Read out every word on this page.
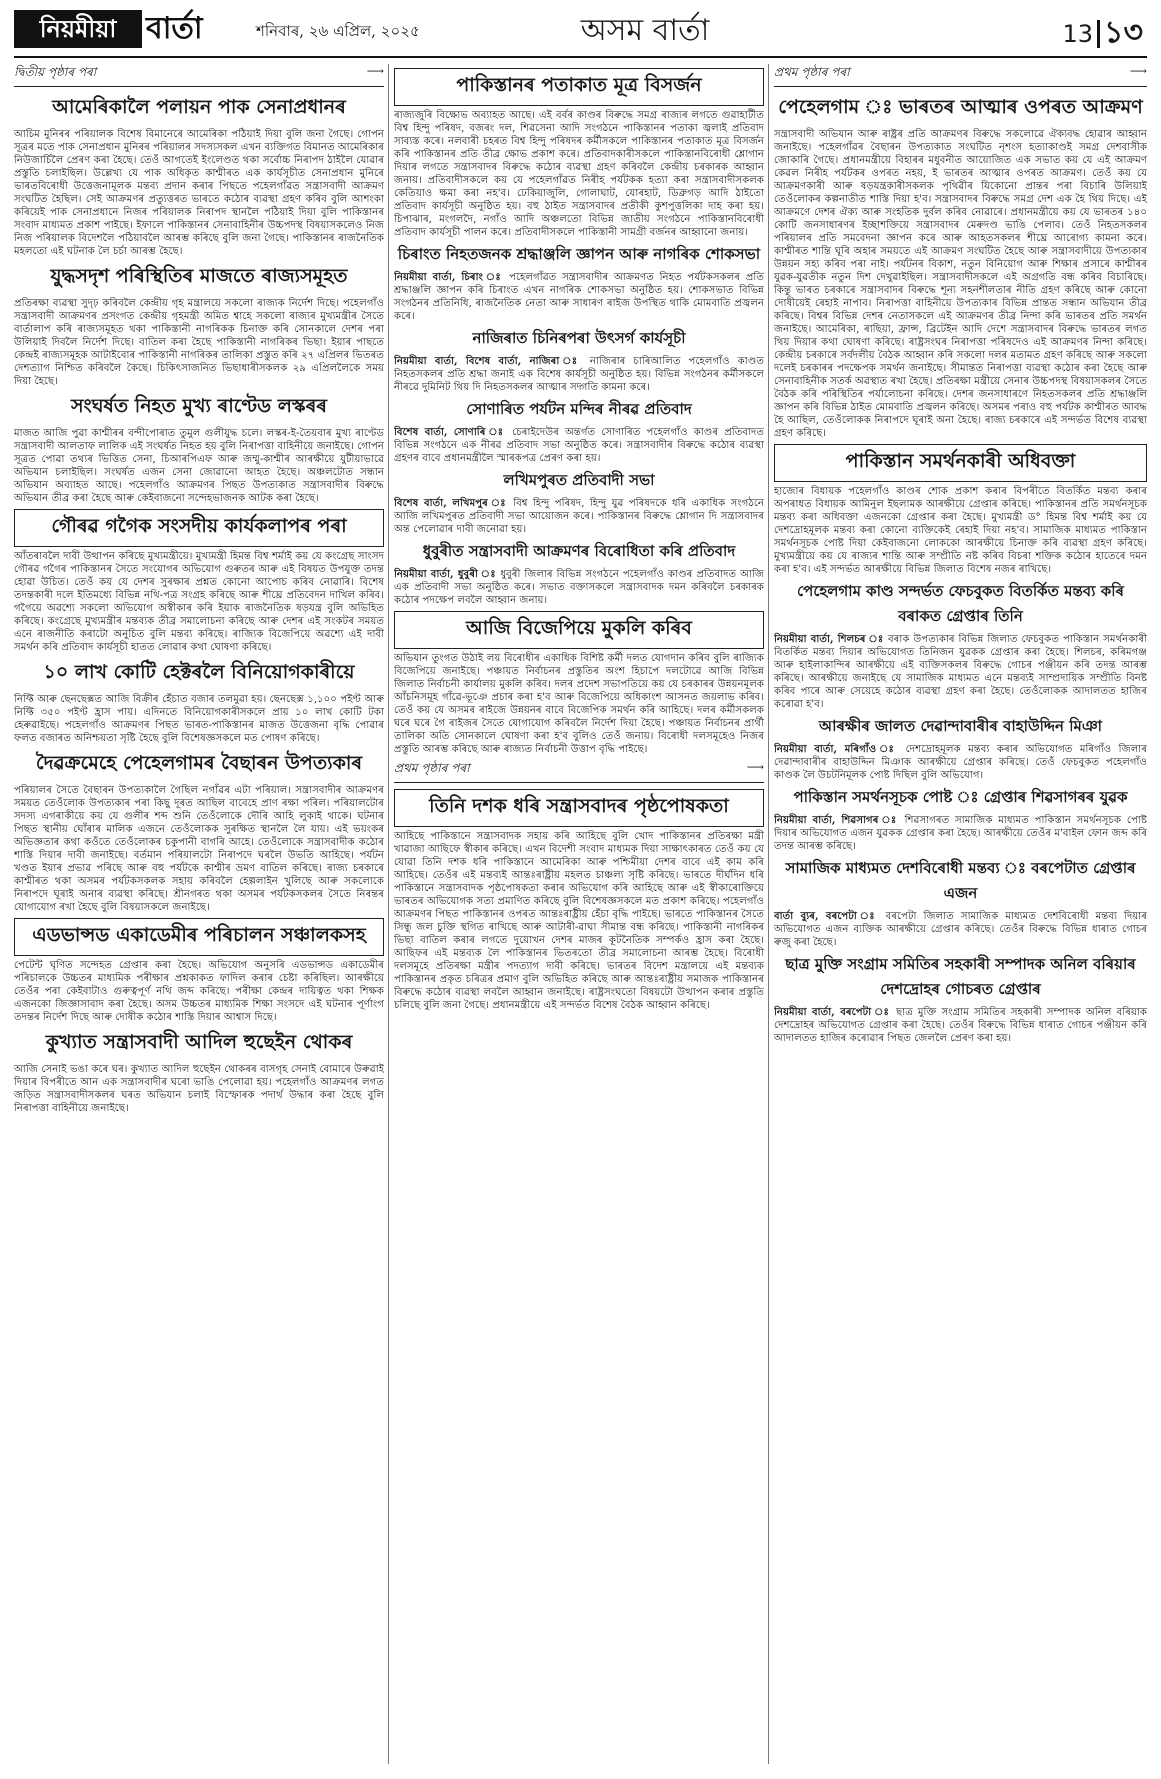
নিয়মীয়া বাৰ্তা	শনিবাৰ, ২৬ এপ্ৰিল, ২০২৫	অসম বাৰ্তা	13 ১৩
দ্বিতীয় পৃষ্ঠাৰ পৰা	⟶
আমেৰিকালৈ পলায়ন পাক সেনাপ্ৰধানৰ

আচিম মুনিৰৰ পৰিয়ালক বিশেষ বিমানেৰে আমেৰিকা পঠিয়াই দিয়া বুলি জনা গৈছে। গোপন সূত্ৰৰ মতে পাক সেনাপ্ৰধান মুনিৰৰ পৰিয়ালৰ সদস্যসকল এখন ব্যক্তিগত বিমানত আমেৰিকাৰ নিউজাৰ্চিলৈ প্ৰেৰণ কৰা হৈছে। তেওঁ আগতেই ইংলেণ্ডত থকা সৰ্বোচ্চ নিৰাপদ ঠাইলৈ যোৱাৰ প্ৰস্তুতি চলাইছিল। উল্লেখ্য যে পাক অধিকৃত কাশ্মীৰত এক কাৰ্যসূচীত সেনাপ্ৰধান মুনিৰে ভাৰতবিৰোধী উত্তেজনামূলক মন্তব্য প্ৰদান কৰাৰ পিছতে পহেলগাঁৱত সন্ত্ৰাসবাদী আক্ৰমণ সংঘটিত হৈছিল। সেই আক্ৰমণৰ প্ৰত্যুত্তৰত ভাৰতে কঠোৰ ব্যৱস্থা গ্ৰহণ কৰিব বুলি আশংকা কৰিয়েই পাক সেনাপ্ৰধানে নিজৰ পৰিয়ালক নিৰাপদ স্থানলৈ পঠিয়াই দিয়া বুলি পাকিস্তানৰ সংবাদ মাধ্যমত প্ৰকাশ পাইছে। ইফালে পাকিস্তানৰ সেনাবাহিনীৰ উচ্চপদস্থ বিষয়াসকলেও নিজ নিজ পৰিয়ালক বিদেশলৈ পঠিয়াবলৈ আৰম্ভ কৰিছে বুলি জনা গৈছে। পাকিস্তানৰ ৰাজনৈতিক মহলতো এই ঘটনাক লৈ চৰ্চা আৰম্ভ হৈছে।

যুদ্ধসদৃশ পৰিস্থিতিৰ মাজতে ৰাজ্যসমূহত

প্ৰতিৰক্ষা ব্যৱস্থা সুদৃঢ় কৰিবলৈ কেন্দ্ৰীয় গৃহ মন্ত্ৰালয়ে সকলো ৰাজ্যক নিৰ্দেশ দিছে। পহেলগাঁও সন্ত্ৰাসবাদী আক্ৰমণৰ প্ৰসংগত কেন্দ্ৰীয় গৃহমন্ত্ৰী অমিত শ্বাহে সকলো ৰাজ্যৰ মুখ্যমন্ত্ৰীৰ সৈতে বাৰ্তালাপ কৰি ৰাজ্যসমূহত থকা পাকিস্তানী নাগৰিকক চিনাক্ত কৰি সোনকালে দেশৰ পৰা উলিয়াই দিবলৈ নিৰ্দেশ দিছে। বাতিল কৰা হৈছে পাকিস্তানী নাগৰিকৰ ভিছা। ইয়াৰ পাছতে কেন্দ্ৰই ৰাজ্যসমূহক আটাইবোৰ পাকিস্তানী নাগৰিকৰ তালিকা প্ৰস্তুত কৰি ২৭ এপ্ৰিলৰ ভিতৰত দেশত্যাগ নিশ্চিত কৰিবলৈ কৈছে। চিকিৎসাজনিত ভিছাধাৰীসকলক ২৯ এপ্ৰিললৈকে সময় দিয়া হৈছে।

সংঘৰ্ষত নিহত মুখ্য ৰাণ্টেড লস্কৰৰ

মাজত আজি পুৱা কাশ্মীৰৰ বন্দীপোৰাত তুমুল গুলীযুদ্ধ চলে। লস্কৰ-ই-তৈয়বাৰ মুখ্য ৰাণ্টেড সন্ত্ৰাসবাদী আলতাফ লালিক এই সংঘৰ্ষত নিহত হয় বুলি নিৰাপত্তা বাহিনীয়ে জনাইছে। গোপন সূত্ৰত পোৱা তথ্যৰ ভিত্তিত সেনা, চিআৰপিএফ আৰু জম্মু-কাশ্মীৰ আৰক্ষীয়ে যুটীয়াভাৱে অভিযান চলাইছিল। সংঘৰ্ষত এজন সেনা জোৱানো আহত হৈছে। অঞ্চলটোত সন্ধান অভিযান অব্যাহত আছে। পহেলগাঁও আক্ৰমণৰ পিছত উপত্যকাত সন্ত্ৰাসবাদীৰ বিৰুদ্ধে অভিযান তীব্ৰ কৰা হৈছে আৰু কেইবাজনো সন্দেহভাজনক আটক কৰা হৈছে।

গৌৰৱ গগৈক সংসদীয় কাৰ্যকলাপৰ পৰা

আঁতৰাবলৈ দাবী উত্থাপন কৰিছে মুখ্যমন্ত্ৰীয়ে। মুখ্যমন্ত্ৰী হিমন্ত বিশ্ব শৰ্মাই কয় যে কংগ্ৰেছ সাংসদ গৌৰৱ গগৈৰ পাকিস্তানৰ সৈতে সংযোগৰ অভিযোগ গুৰুতৰ আৰু এই বিষয়ত উপযুক্ত তদন্ত হোৱা উচিত। তেওঁ কয় যে দেশৰ সুৰক্ষাৰ প্ৰশ্নত কোনো আপোচ কৰিব নোৱাৰি। বিশেষ তদন্তকাৰী দলে ইতিমধ্যে বিভিন্ন নথি-পত্ৰ সংগ্ৰহ কৰিছে আৰু শীঘ্ৰে প্ৰতিবেদন দাখিল কৰিব। গগৈয়ে অৱশ্যে সকলো অভিযোগ অস্বীকাৰ কৰি ইয়াক ৰাজনৈতিক ষড়যন্ত্ৰ বুলি অভিহিত কৰিছে। কংগ্ৰেছে মুখ্যমন্ত্ৰীৰ মন্তব্যক তীব্ৰ সমালোচনা কৰিছে আৰু দেশৰ এই সংকটৰ সময়ত এনে ৰাজনীতি কৰাটো অনুচিত বুলি মন্তব্য কৰিছে। ৰাজ্যিক বিজেপিয়ে অৱশ্যে এই দাবী সমৰ্থন কৰি প্ৰতিবাদ কাৰ্যসূচী হাতত লোৱাৰ কথা ঘোষণা কৰিছে।

১০ লাখ কোটি হেক্টৰলৈ বিনিয়োগকাৰীয়ে

নিফ্টি আৰু ছেনছেক্সত আজি বিক্ৰীৰ হেঁচাত বজাৰ তলমুৱা হয়। ছেনছেক্স ১,১০০ পইণ্ট আৰু নিফ্টি ৩৫০ পইণ্ট হ্ৰাস পায়। এদিনতে বিনিয়োগকাৰীসকলে প্ৰায় ১০ লাখ কোটি টকা হেৰুৱাইছে। পহেলগাঁও আক্ৰমণৰ পিছত ভাৰত-পাকিস্তানৰ মাজত উত্তেজনা বৃদ্ধি পোৱাৰ ফলত বজাৰত অনিশ্চয়তা সৃষ্টি হৈছে বুলি বিশেষজ্ঞসকলে মত পোষণ কৰিছে।

দৈৱক্ৰমেহে পেহেলগামৰ বৈছাৰন উপত্যকাৰ

পৰিয়ালৰ সৈতে বৈছাৰন উপত্যকালৈ গৈছিল নগাঁৱৰ এটা পৰিয়াল। সন্ত্ৰাসবাদীৰ আক্ৰমণৰ সময়ত তেওঁলোক উপত্যকাৰ পৰা কিছু দূৰত আছিল বাবেহে প্ৰাণ ৰক্ষা পৰিল। পৰিয়ালটোৰ সদস্য এগৰাকীয়ে কয় যে গুলীৰ শব্দ শুনি তেওঁলোকে দৌৰি আহি লুকাই থাকে। ঘটনাৰ পিছত স্থানীয় ঘোঁৰাৰ মালিক এজনে তেওঁলোকক সুৰক্ষিত স্থানলৈ লৈ যায়। এই ভয়ংকৰ অভিজ্ঞতাৰ কথা কওঁতে তেওঁলোকৰ চকুপানী বাগৰি আহে। তেওঁলোকে সন্ত্ৰাসবাদীক কঠোৰ শাস্তি দিয়াৰ দাবী জনাইছে। বৰ্তমান পৰিয়ালটো নিৰাপদে ঘৰলৈ উভতি আহিছে। পৰ্যটন খণ্ডত ইয়াৰ প্ৰভাৱ পৰিছে আৰু বহু পৰ্যটকে কাশ্মীৰ ভ্ৰমণ বাতিল কৰিছে। ৰাজ্য চৰকাৰে কাশ্মীৰত থকা অসমৰ পৰ্যটকসকলক সহায় কৰিবলৈ হেল্পলাইন খুলিছে আৰু সকলোকে নিৰাপদে ঘূৰাই অনাৰ ব্যৱস্থা কৰিছে। শ্ৰীনগৰত থকা অসমৰ পৰ্যটকসকলৰ সৈতে নিৰন্তৰ যোগাযোগ ৰখা হৈছে বুলি বিষয়াসকলে জনাইছে।

এডভান্সড একাডেমীৰ পৰিচালন সঞ্চালকসহ

পেটেন্ট ঘৃণিত সন্দেহত গ্ৰেপ্তাৰ কৰা হৈছে। অভিযোগ অনুসৰি এডভান্সড একাডেমীৰ পৰিচালকে উচ্চতৰ মাধ্যমিক পৰীক্ষাৰ প্ৰশ্নকাকত ফাদিল কৰাৰ চেষ্টা কৰিছিল। আৰক্ষীয়ে তেওঁৰ পৰা কেইবাটাও গুৰুত্বপূৰ্ণ নথি জব্দ কৰিছে। পৰীক্ষা কেন্দ্ৰৰ দায়িত্বত থকা শিক্ষক এজনকো জিজ্ঞাসাবাদ কৰা হৈছে। অসম উচ্চতৰ মাধ্যমিক শিক্ষা সংসদে এই ঘটনাৰ পূৰ্ণাংগ তদন্তৰ নিৰ্দেশ দিছে আৰু দোষীক কঠোৰ শাস্তি দিয়াৰ আশ্বাস দিছে।

কুখ্যাত সন্ত্ৰাসবাদী আদিল হুছেইন থোকৰ

আজি সেনাই ভঙা কৰে ঘৰ। কুখ্যাত আদিল হুছেইন থোকৰৰ বাসগৃহ সেনাই বোমাৰে উৰুৱাই দিয়াৰ বিপৰীতে আন এক সন্ত্ৰাসবাদীৰ ঘৰো ভাঙি পেলোৱা হয়। পহেলগাঁও আক্ৰমণৰ লগত জড়িত সন্ত্ৰাসবাদীসকলৰ ঘৰত অভিযান চলাই বিস্ফোৰক পদাৰ্থ উদ্ধাৰ কৰা হৈছে বুলি নিৰাপত্তা বাহিনীয়ে জনাইছে।

পাকিস্তানৰ পতাকাত মূত্ৰ বিসৰ্জন

ৰাজ্যজুৰি বিক্ষোভ অব্যাহত আছে। এই বৰ্বৰ কাণ্ডৰ বিৰুদ্ধে সমগ্ৰ ৰাজ্যৰ লগতে গুৱাহাটীত বিশ্ব হিন্দু পৰিষদ, বজৰং দল, শিৱসেনা আদি সংগঠনে পাকিস্তানৰ পতাকা জ্বলাই প্ৰতিবাদ সাব্যস্ত কৰে। নলবাৰী চহৰত বিশ্ব হিন্দু পৰিষদৰ কৰ্মীসকলে পাকিস্তানৰ পতাকাত মূত্ৰ বিসৰ্জন কৰি পাকিস্তানৰ প্ৰতি তীব্ৰ ক্ষোভ প্ৰকাশ কৰে। প্ৰতিবাদকাৰীসকলে পাকিস্তানবিৰোধী শ্লোগান দিয়াৰ লগতে সন্ত্ৰাসবাদৰ বিৰুদ্ধে কঠোৰ ব্যৱস্থা গ্ৰহণ কৰিবলৈ কেন্দ্ৰীয় চৰকাৰক আহ্বান জনায়। প্ৰতিবাদীসকলে কয় যে পহেলগাঁৱত নিৰীহ পৰ্যটকক হত্যা কৰা সন্ত্ৰাসবাদীসকলক কেতিয়াও ক্ষমা কৰা নহ'ব। ঢেকিয়াজুলি, গোলাঘাট, যোৰহাট, ডিব্ৰুগড় আদি ঠাইতো প্ৰতিবাদ কাৰ্যসূচী অনুষ্ঠিত হয়। বহু ঠাইত সন্ত্ৰাসবাদৰ প্ৰতীকী কুশপুত্তলিকা দাহ কৰা হয়। চিপাঝাৰ, মংগলদৈ, নগাঁও আদি অঞ্চলতো বিভিন্ন জাতীয় সংগঠনে পাকিস্তানবিৰোধী প্ৰতিবাদ কাৰ্যসূচী পালন কৰে। প্ৰতিবাদীসকলে পাকিস্তানী সামগ্ৰী বৰ্জনৰ আহ্বানো জনায়।

চিৰাংত নিহতজনক শ্ৰদ্ধাঞ্জলি জ্ঞাপন আৰু নাগৰিক শোকসভা

নিয়মীয়া বাৰ্তা, চিৰাং ঃ পহেলগাঁৱত সন্ত্ৰাসবাদীৰ আক্ৰমণত নিহত পৰ্যটকসকলৰ প্ৰতি শ্ৰদ্ধাঞ্জলি জ্ঞাপন কৰি চিৰাংত এখন নাগৰিক শোকসভা অনুষ্ঠিত হয়। শোকসভাত বিভিন্ন সংগঠনৰ প্ৰতিনিধি, ৰাজনৈতিক নেতা আৰু সাধাৰণ ৰাইজ উপস্থিত থাকি মোমবাতি প্ৰজ্বলন কৰে।

নাজিৰাত চিনিৰপৰা উৎসৰ্গ কাৰ্যসূচী

নিয়মীয়া বাৰ্তা, বিশেষ বাৰ্তা, নাজিৰা ঃ নাজিৰাৰ চাৰিআলিত পহেলগাঁও কাণ্ডত নিহতসকলৰ প্ৰতি শ্ৰদ্ধা জনাই এক বিশেষ কাৰ্যসূচী অনুষ্ঠিত হয়। বিভিন্ন সংগঠনৰ কৰ্মীসকলে নীৰৱে দুমিনিট থিয় দি নিহতসকলৰ আত্মাৰ সদ্গতি কামনা কৰে।

সোণাৰিত পৰ্যটন মন্দিৰ নীৰৱ প্ৰতিবাদ

বিশেষ বাৰ্তা, সোণাৰি ঃ চেৰাইদেউৰ অন্তৰ্গত সোণাৰিত পহেলগাঁও কাণ্ডৰ প্ৰতিবাদত বিভিন্ন সংগঠনে এক নীৰৱ প্ৰতিবাদ সভা অনুষ্ঠিত কৰে। সন্ত্ৰাসবাদীৰ বিৰুদ্ধে কঠোৰ ব্যৱস্থা গ্ৰহণৰ বাবে প্ৰধানমন্ত্ৰীলৈ স্মাৰকপত্ৰ প্ৰেৰণ কৰা হয়।

লখিমপুৰত প্ৰতিবাদী সভা

বিশেষ বাৰ্তা, লখিমপুৰ ঃ বিশ্ব হিন্দু পৰিষদ, হিন্দু যুৱ পৰিষদকে ধৰি একাধিক সংগঠনে আজি লখিমপুৰত প্ৰতিবাদী সভা আয়োজন কৰে। পাকিস্তানৰ বিৰুদ্ধে শ্লোগান দি সন্ত্ৰাসবাদৰ অন্ত পেলোৱাৰ দাবী জনোৱা হয়।

ধুবুৰীত সন্ত্ৰাসবাদী আক্ৰমণৰ বিৰোধিতা কৰি প্ৰতিবাদ

নিয়মীয়া বাৰ্তা, ধুবুৰী ঃ ধুবুৰী জিলাৰ বিভিন্ন সংগঠনে পহেলগাঁও কাণ্ডৰ প্ৰতিবাদত আজি এক প্ৰতিবাদী সভা অনুষ্ঠিত কৰে। সভাত বক্তাসকলে সন্ত্ৰাসবাদক দমন কৰিবলৈ চৰকাৰক কঠোৰ পদক্ষেপ লবলৈ আহ্বান জনায়।

আজি বিজেপিয়ে মুকলি কৰিব

অভিযান তুংগত উঠাই লয় বিৰোধীৰ একাধিক বিশিষ্ট কৰ্মী দলত যোগদান কৰিব বুলি ৰাজ্যিক বিজেপিয়ে জনাইছে। পঞ্চায়ত নিৰ্বাচনৰ প্ৰস্তুতিৰ অংশ হিচাপে দলটোৱে আজি বিভিন্ন জিলাত নিৰ্বাচনী কাৰ্যালয় মুকলি কৰিব। দলৰ প্ৰদেশ সভাপতিয়ে কয় যে চৰকাৰৰ উন্নয়নমূলক আঁচনিসমূহ গাঁৱে-ভূঞে প্ৰচাৰ কৰা হ'ব আৰু বিজেপিয়ে অধিকাংশ আসনত জয়লাভ কৰিব। তেওঁ কয় যে অসমৰ ৰাইজে উন্নয়নৰ বাবে বিজেপিক সমৰ্থন কৰি আহিছে। দলৰ কৰ্মীসকলক ঘৰে ঘৰে গৈ ৰাইজৰ সৈতে যোগাযোগ কৰিবলৈ নিৰ্দেশ দিয়া হৈছে। পঞ্চায়ত নিৰ্বাচনৰ প্ৰাৰ্থী তালিকা অতি সোনকালে ঘোষণা কৰা হ'ব বুলিও তেওঁ জনায়। বিৰোধী দলসমূহেও নিজৰ প্ৰস্তুতি আৰম্ভ কৰিছে আৰু ৰাজ্যত নিৰ্বাচনী উত্তাপ বৃদ্ধি পাইছে।

প্ৰথম পৃষ্ঠাৰ পৰা	⟶
তিনি দশক ধৰি সন্ত্ৰাসবাদৰ পৃষ্ঠপোষকতা

আহিছে পাকিস্তানে সন্ত্ৰাসবাদক সহায় কৰি আহিছে বুলি খোদ পাকিস্তানৰ প্ৰতিৰক্ষা মন্ত্ৰী খাৱাজা আছিফে স্বীকাৰ কৰিছে। এখন বিদেশী সংবাদ মাধ্যমক দিয়া সাক্ষাৎকাৰত তেওঁ কয় যে যোৱা তিনি দশক ধৰি পাকিস্তানে আমেৰিকা আৰু পশ্চিমীয়া দেশৰ বাবে এই কাম কৰি আহিছে। তেওঁৰ এই মন্তব্যই আন্তঃৰাষ্ট্ৰীয় মহলত চাঞ্চল্য সৃষ্টি কৰিছে। ভাৰতে দীৰ্ঘদিন ধৰি পাকিস্তানে সন্ত্ৰাসবাদক পৃষ্ঠপোষকতা কৰাৰ অভিযোগ কৰি আহিছে আৰু এই স্বীকাৰোক্তিয়ে ভাৰতৰ অভিযোগক সত্য প্ৰমাণিত কৰিছে বুলি বিশেষজ্ঞসকলে মত প্ৰকাশ কৰিছে। পহেলগাঁও আক্ৰমণৰ পিছত পাকিস্তানৰ ওপৰত আন্তঃৰাষ্ট্ৰীয় হেঁচা বৃদ্ধি পাইছে। ভাৰতে পাকিস্তানৰ সৈতে সিন্ধু জল চুক্তি স্থগিত ৰাখিছে আৰু আটাৰী-ৱাঘা সীমান্ত বন্ধ কৰিছে। পাকিস্তানী নাগৰিকৰ ভিছা বাতিল কৰাৰ লগতে দুয়োখন দেশৰ মাজৰ কূটনৈতিক সম্পৰ্কও হ্ৰাস কৰা হৈছে। আছিফৰ এই মন্তব্যক লৈ পাকিস্তানৰ ভিতৰতো তীব্ৰ সমালোচনা আৰম্ভ হৈছে। বিৰোধী দলসমূহে প্ৰতিৰক্ষা মন্ত্ৰীৰ পদত্যাগ দাবী কৰিছে। ভাৰতৰ বিদেশ মন্ত্ৰালয়ে এই মন্তব্যক পাকিস্তানৰ প্ৰকৃত চৰিত্ৰৰ প্ৰমাণ বুলি অভিহিত কৰিছে আৰু আন্তঃৰাষ্ট্ৰীয় সমাজক পাকিস্তানৰ বিৰুদ্ধে কঠোৰ ব্যৱস্থা লবলৈ আহ্বান জনাইছে। ৰাষ্ট্ৰসংঘতো বিষয়টো উত্থাপন কৰাৰ প্ৰস্তুতি চলিছে বুলি জনা গৈছে। প্ৰধানমন্ত্ৰীয়ে এই সন্দৰ্ভত বিশেষ বৈঠক আহ্বান কৰিছে।

প্ৰথম পৃষ্ঠাৰ পৰা	⟶
পেহেলগাম ঃ ভাৰতৰ আত্মাৰ ওপৰত আক্ৰমণ

সন্ত্ৰাসবাদী অভিযান আৰু ৰাষ্ট্ৰৰ প্ৰতি আক্ৰমণৰ বিৰুদ্ধে সকলোৱে ঐক্যবদ্ধ হোৱাৰ আহ্বান জনাইছে। পহেলগাঁৱৰ বৈছাৰন উপত্যকাত সংঘটিত নৃশংস হত্যাকাণ্ডই সমগ্ৰ দেশবাসীক জোকাৰি গৈছে। প্ৰধানমন্ত্ৰীয়ে বিহাৰৰ মধুবনীত আয়োজিত এক সভাত কয় যে এই আক্ৰমণ কেৱল নিৰীহ পৰ্যটকৰ ওপৰত নহয়, ই ভাৰতৰ আত্মাৰ ওপৰত আক্ৰমণ। তেওঁ কয় যে আক্ৰমণকাৰী আৰু ষড়যন্ত্ৰকাৰীসকলক পৃথিৱীৰ যিকোনো প্ৰান্তৰ পৰা বিচাৰি উলিয়াই তেওঁলোকৰ কল্পনাতীত শাস্তি দিয়া হ'ব। সন্ত্ৰাসবাদৰ বিৰুদ্ধে সমগ্ৰ দেশ এক হৈ থিয় দিছে। এই আক্ৰমণে দেশৰ ঐক্য আৰু সংহতিক দুৰ্বল কৰিব নোৱাৰে। প্ৰধানমন্ত্ৰীয়ে কয় যে ভাৰতৰ ১৪০ কোটি জনসাধাৰণৰ ইচ্ছাশক্তিয়ে সন্ত্ৰাসবাদৰ মেৰুদণ্ড ভাঙি পেলাব। তেওঁ নিহতসকলৰ পৰিয়ালৰ প্ৰতি সমবেদনা জ্ঞাপন কৰে আৰু আহতসকলৰ শীঘ্ৰে আৰোগ্য কামনা কৰে। কাশ্মীৰত শান্তি ঘূৰি অহাৰ সময়তে এই আক্ৰমণ সংঘটিত হৈছে আৰু সন্ত্ৰাসবাদীয়ে উপত্যকাৰ উন্নয়ন সহ্য কৰিব পৰা নাই। পৰ্যটনৰ বিকাশ, নতুন বিনিয়োগ আৰু শিক্ষাৰ প্ৰসাৰে কাশ্মীৰৰ যুৱক-যুৱতীক নতুন দিশ দেখুৱাইছিল। সন্ত্ৰাসবাদীসকলে এই অগ্ৰগতি বন্ধ কৰিব বিচাৰিছে। কিন্তু ভাৰত চৰকাৰে সন্ত্ৰাসবাদৰ বিৰুদ্ধে শূন্য সহনশীলতাৰ নীতি গ্ৰহণ কৰিছে আৰু কোনো দোষীয়েই ৰেহাই নাপাব। নিৰাপত্তা বাহিনীয়ে উপত্যকাৰ বিভিন্ন প্ৰান্তত সন্ধান অভিযান তীব্ৰ কৰিছে। বিশ্বৰ বিভিন্ন দেশৰ নেতাসকলে এই আক্ৰমণৰ তীব্ৰ নিন্দা কৰি ভাৰতৰ প্ৰতি সমৰ্থন জনাইছে। আমেৰিকা, ৰাছিয়া, ফ্ৰান্স, ব্ৰিটেইন আদি দেশে সন্ত্ৰাসবাদৰ বিৰুদ্ধে ভাৰতৰ লগত থিয় দিয়াৰ কথা ঘোষণা কৰিছে। ৰাষ্ট্ৰসংঘৰ নিৰাপত্তা পৰিষদেও এই আক্ৰমণৰ নিন্দা কৰিছে। কেন্দ্ৰীয় চৰকাৰে সৰ্বদলীয় বৈঠক আহ্বান কৰি সকলো দলৰ মতামত গ্ৰহণ কৰিছে আৰু সকলো দলেই চৰকাৰৰ পদক্ষেপক সমৰ্থন জনাইছে। সীমান্তত নিৰাপত্তা ব্যৱস্থা কঠোৰ কৰা হৈছে আৰু সেনাবাহিনীক সতৰ্ক অৱস্থাত ৰখা হৈছে। প্ৰতিৰক্ষা মন্ত্ৰীয়ে সেনাৰ উচ্চপদস্থ বিষয়াসকলৰ সৈতে বৈঠক কৰি পৰিস্থিতিৰ পৰ্যালোচনা কৰিছে। দেশৰ জনসাধাৰণে নিহতসকলৰ প্ৰতি শ্ৰদ্ধাঞ্জলি জ্ঞাপন কৰি বিভিন্ন ঠাইত মোমবাতি প্ৰজ্বলন কৰিছে। অসমৰ পৰাও বহু পৰ্যটক কাশ্মীৰত আবদ্ধ হৈ আছিল, তেওঁলোকক নিৰাপদে ঘূৰাই অনা হৈছে। ৰাজ্য চৰকাৰে এই সন্দৰ্ভত বিশেষ ব্যৱস্থা গ্ৰহণ কৰিছে।

পাকিস্তান সমৰ্থনকাৰী অধিবক্তা

হাজোৰ বিধায়ক পহেলগাঁও কাণ্ডৰ শোক প্ৰকাশ কৰাৰ বিপৰীতে বিতৰ্কিত মন্তব্য কৰাৰ অপৰাধত বিধায়ক আমিনুল ইছলামক আৰক্ষীয়ে গ্ৰেপ্তাৰ কৰিছে। পাকিস্তানৰ প্ৰতি সমৰ্থনসূচক মন্তব্য কৰা অধিবক্তা এজনকো গ্ৰেপ্তাৰ কৰা হৈছে। মুখ্যমন্ত্ৰী ড° হিমন্ত বিশ্ব শৰ্মাই কয় যে দেশদ্ৰোহমূলক মন্তব্য কৰা কোনো ব্যক্তিকেই ৰেহাই দিয়া নহ'ব। সামাজিক মাধ্যমত পাকিস্তান সমৰ্থনসূচক পোষ্ট দিয়া কেইবাজনো লোককো আৰক্ষীয়ে চিনাক্ত কৰি ব্যৱস্থা গ্ৰহণ কৰিছে। মুখ্যমন্ত্ৰীয়ে কয় যে ৰাজ্যৰ শান্তি আৰু সম্প্ৰীতি নষ্ট কৰিব বিচৰা শক্তিক কঠোৰ হাতেৰে দমন কৰা হ'ব। এই সন্দৰ্ভত আৰক্ষীয়ে বিভিন্ন জিলাত বিশেষ নজৰ ৰাখিছে।

পেহেলগাম কাণ্ড সন্দৰ্ভত ফেচবুকত বিতৰ্কিত মন্তব্য কৰি বৰাকত গ্ৰেপ্তাৰ তিনি

নিয়মীয়া বাৰ্তা, শিলচৰ ঃ বৰাক উপত্যকাৰ বিভিন্ন জিলাত ফেচবুকত পাকিস্তান সমৰ্থনকাৰী বিতৰ্কিত মন্তব্য দিয়াৰ অভিযোগত তিনিজন যুৱকক গ্ৰেপ্তাৰ কৰা হৈছে। শিলচৰ, কৰিমগঞ্জ আৰু হাইলাকান্দিৰ আৰক্ষীয়ে এই ব্যক্তিসকলৰ বিৰুদ্ধে গোচৰ পঞ্জীয়ন কৰি তদন্ত আৰম্ভ কৰিছে। আৰক্ষীয়ে জনাইছে যে সামাজিক মাধ্যমত এনে মন্তব্যই সাম্প্ৰদায়িক সম্প্ৰীতি বিনষ্ট কৰিব পাৰে আৰু সেয়েহে কঠোৰ ব্যৱস্থা গ্ৰহণ কৰা হৈছে। তেওঁলোকক আদালতত হাজিৰ কৰোৱা হ'ব।

আৰক্ষীৰ জালত দেৱান্দাবাৰীৰ বাহাউদ্দিন মিঞা

নিয়মীয়া বাৰ্তা, মৰিগাঁও ঃ দেশদ্ৰোহমূলক মন্তব্য কৰাৰ অভিযোগত মৰিগাঁও জিলাৰ দেৱান্দাবাৰীৰ বাহাউদ্দিন মিঞাক আৰক্ষীয়ে গ্ৰেপ্তাৰ কৰিছে। তেওঁ ফেচবুকত পহেলগাঁও কাণ্ডক লৈ উচটনিমূলক পোষ্ট দিছিল বুলি অভিযোগ।

পাকিস্তান সমৰ্থনসূচক পোষ্ট ঃ গ্ৰেপ্তাৰ শিৱসাগৰৰ যুৱক

নিয়মীয়া বাৰ্তা, শিৱসাগৰ ঃ শিৱসাগৰত সামাজিক মাধ্যমত পাকিস্তান সমৰ্থনসূচক পোষ্ট দিয়াৰ অভিযোগত এজন যুৱকক গ্ৰেপ্তাৰ কৰা হৈছে। আৰক্ষীয়ে তেওঁৰ ম'বাইল ফোন জব্দ কৰি তদন্ত আৰম্ভ কৰিছে।

সামাজিক মাধ্যমত দেশবিৰোধী মন্তব্য ঃ বৰপেটাত গ্ৰেপ্তাৰ এজন

বাৰ্তা ব্যুৰ, বৰপেটা ঃ বৰপেটা জিলাত সামাজিক মাধ্যমত দেশবিৰোধী মন্তব্য দিয়াৰ অভিযোগত এজন ব্যক্তিক আৰক্ষীয়ে গ্ৰেপ্তাৰ কৰিছে। তেওঁৰ বিৰুদ্ধে বিভিন্ন ধাৰাত গোচৰ ৰুজু কৰা হৈছে।

ছাত্ৰ মুক্তি সংগ্ৰাম সমিতিৰ সহকাৰী সম্পাদক অনিল বৰিয়াৰ দেশদ্ৰোহৰ গোচৰত গ্ৰেপ্তাৰ

নিয়মীয়া বাৰ্তা, বৰপেটা ঃ ছাত্ৰ মুক্তি সংগ্ৰাম সমিতিৰ সহকাৰী সম্পাদক অনিল বৰিয়াক দেশদ্ৰোহৰ অভিযোগত গ্ৰেপ্তাৰ কৰা হৈছে। তেওঁৰ বিৰুদ্ধে বিভিন্ন ধাৰাত গোচৰ পঞ্জীয়ন কৰি আদালতত হাজিৰ কৰোৱাৰ পিছত জেললৈ প্ৰেৰণ কৰা হয়।
